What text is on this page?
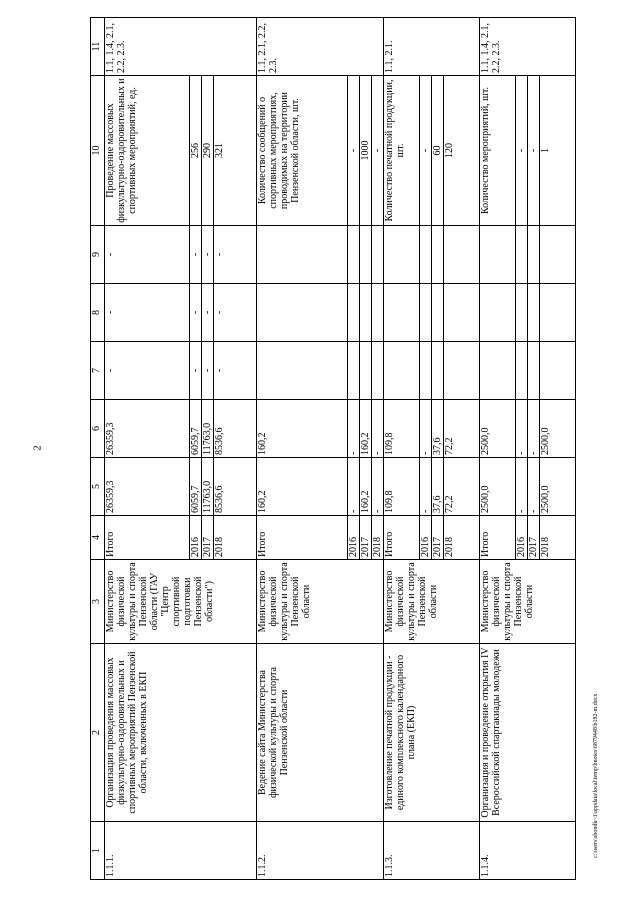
2
1	2	3	4	5	6	7	8	9	10	11
1.1.1.	Организация проведения массовых физкультурно-оздоровительных и спортивных мероприятий Пензенской области, включенных в ЕКП	Министерство физической культуры и спорта Пензенской области (ГАУ "Центр спортивной подготовки Пензенской области")	Итого	26359,3	26359,3	-	-	-	Проведение массовых физкультурно-оздоровительных и спортивных мероприятий, ед.	1.1, 1.4, 2.1, 2.2, 2.3.
			2016	6059,7	6059,7	-	-	-	256	
			2017	11763,0	11763,0	-	-	-	290	
			2018	8536,6	8536,6	-	-	-	321	
1.1.2.	Ведение сайта Министерства физической культуры и спорта Пензенской области	Министерство физической культуры и спорта Пензенской области	Итого	160,2	160,2				Количество сообщений о спортивных мероприятиях, проводимых на территории Пензенской области, шт.	1.1, 2.1, 2.2, 2.3.
			2016	-	-				-	
			2017	160,2	160,2				1000	
			2018	-	-				-	
1.1.3.	Изготовление печатной продукции - единого комплексного календарного плана (ЕКП)	Министерство физической культуры и спорта Пензенской области	Итого	109,8	109,8				Количество печатной продукции, шт.	1.1, 2.1.
			2016	-	-				-	
			2017	37,6	37,6				60	
			2018	72,2	72,2				120	
1.1.4.	Организация и проведение открытия IV Всероссийской спартакиады молодежи	Министерство физической культуры и спорта Пензенской области	Итого	2500,0	2500,0				Количество мероприятий, шт.	1.1, 1.4, 2.1, 2.2, 2.3.
			2016	-	-				-	
			2017	-	-				-	
			2018	2500,0	2500,0				1	
c:\users\sbondk~1\appdata\local\temp\bnotes\6879448\b182-m.docx
